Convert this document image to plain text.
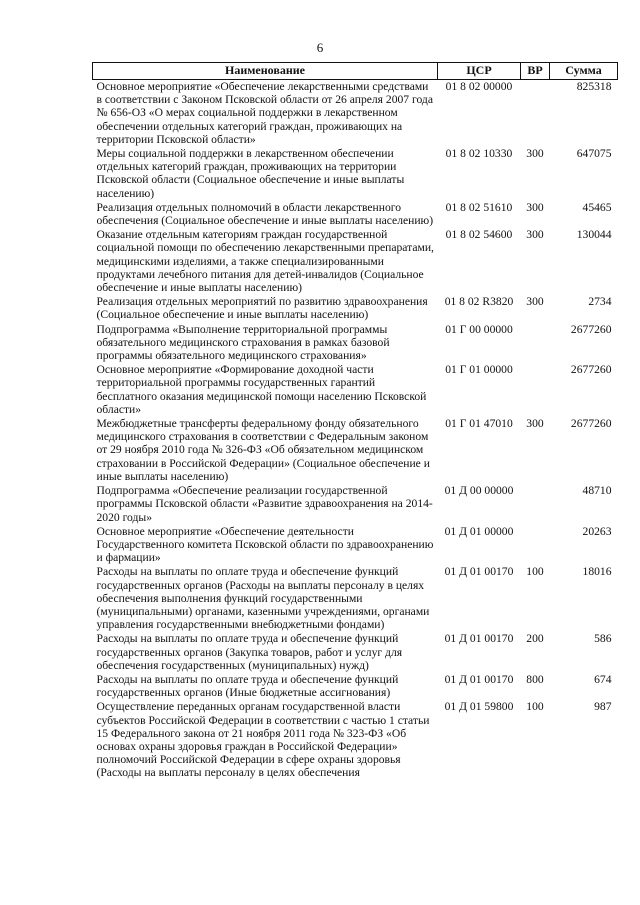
6
Наименование	ЦСР	ВР	Сумма
Основное мероприятие «Обеспечение лекарственными средствами в соответствии с Законом Псковской области от 26 апреля 2007 года № 656-ОЗ «О мерах социальной поддержки в лекарственном обеспечении отдельных категорий граждан, проживающих на территории Псковской области»	01 8 02 00000		825318
Меры социальной поддержки в лекарственном обеспечении отдельных категорий граждан, проживающих на территории Псковской области (Социальное обеспечение и иные выплаты населению)	01 8 02 10330	300	647075
Реализация отдельных полномочий в области лекарственного обеспечения (Социальное обеспечение и иные выплаты населению)	01 8 02 51610	300	45465
Оказание отдельным категориям граждан государственной социальной помощи по обеспечению лекарственными препаратами, медицинскими изделиями, а также специализированными продуктами лечебного питания для детей-инвалидов (Социальное обеспечение и иные выплаты населению)	01 8 02 54600	300	130044
Реализация отдельных мероприятий по развитию здравоохранения (Социальное обеспечение и иные выплаты населению)	01 8 02 R3820	300	2734
Подпрограмма «Выполнение территориальной программы обязательного медицинского страхования в рамках базовой программы обязательного медицинского страхования»	01 Г 00 00000		2677260
Основное мероприятие «Формирование доходной части территориальной программы государственных гарантий бесплатного оказания медицинской помощи населению Псковской области»	01 Г 01 00000		2677260
Межбюджетные трансферты федеральному фонду обязательного медицинского страхования в соответствии с Федеральным законом от 29 ноября 2010 года № 326-ФЗ «Об обязательном медицинском страховании в Российской Федерации» (Социальное обеспечение и иные выплаты населению)	01 Г 01 47010	300	2677260
Подпрограмма «Обеспечение реализации государственной программы Псковской области «Развитие здравоохранения на 2014-2020 годы»	01 Д 00 00000		48710
Основное мероприятие «Обеспечение деятельности Государственного комитета Псковской области по здравоохранению и фармации»	01 Д 01 00000		20263
Расходы на выплаты по оплате труда и обеспечение функций государственных органов (Расходы на выплаты персоналу в целях обеспечения выполнения функций государственными (муниципальными) органами, казенными учреждениями, органами управления государственными внебюджетными фондами)	01 Д 01 00170	100	18016
Расходы на выплаты по оплате труда и обеспечение функций государственных органов (Закупка товаров, работ и услуг для обеспечения государственных (муниципальных) нужд)	01 Д 01 00170	200	586
Расходы на выплаты по оплате труда и обеспечение функций государственных органов (Иные бюджетные ассигнования)	01 Д 01 00170	800	674
Осуществление переданных органам государственной власти субъектов Российской Федерации в соответствии с частью 1 статьи 15 Федерального закона от 21 ноября 2011 года № 323-ФЗ «Об основах охраны здоровья граждан в Российской Федерации» полномочий Российской Федерации в сфере охраны здоровья (Расходы на выплаты персоналу в целях обеспечения	01 Д 01 59800	100	987
